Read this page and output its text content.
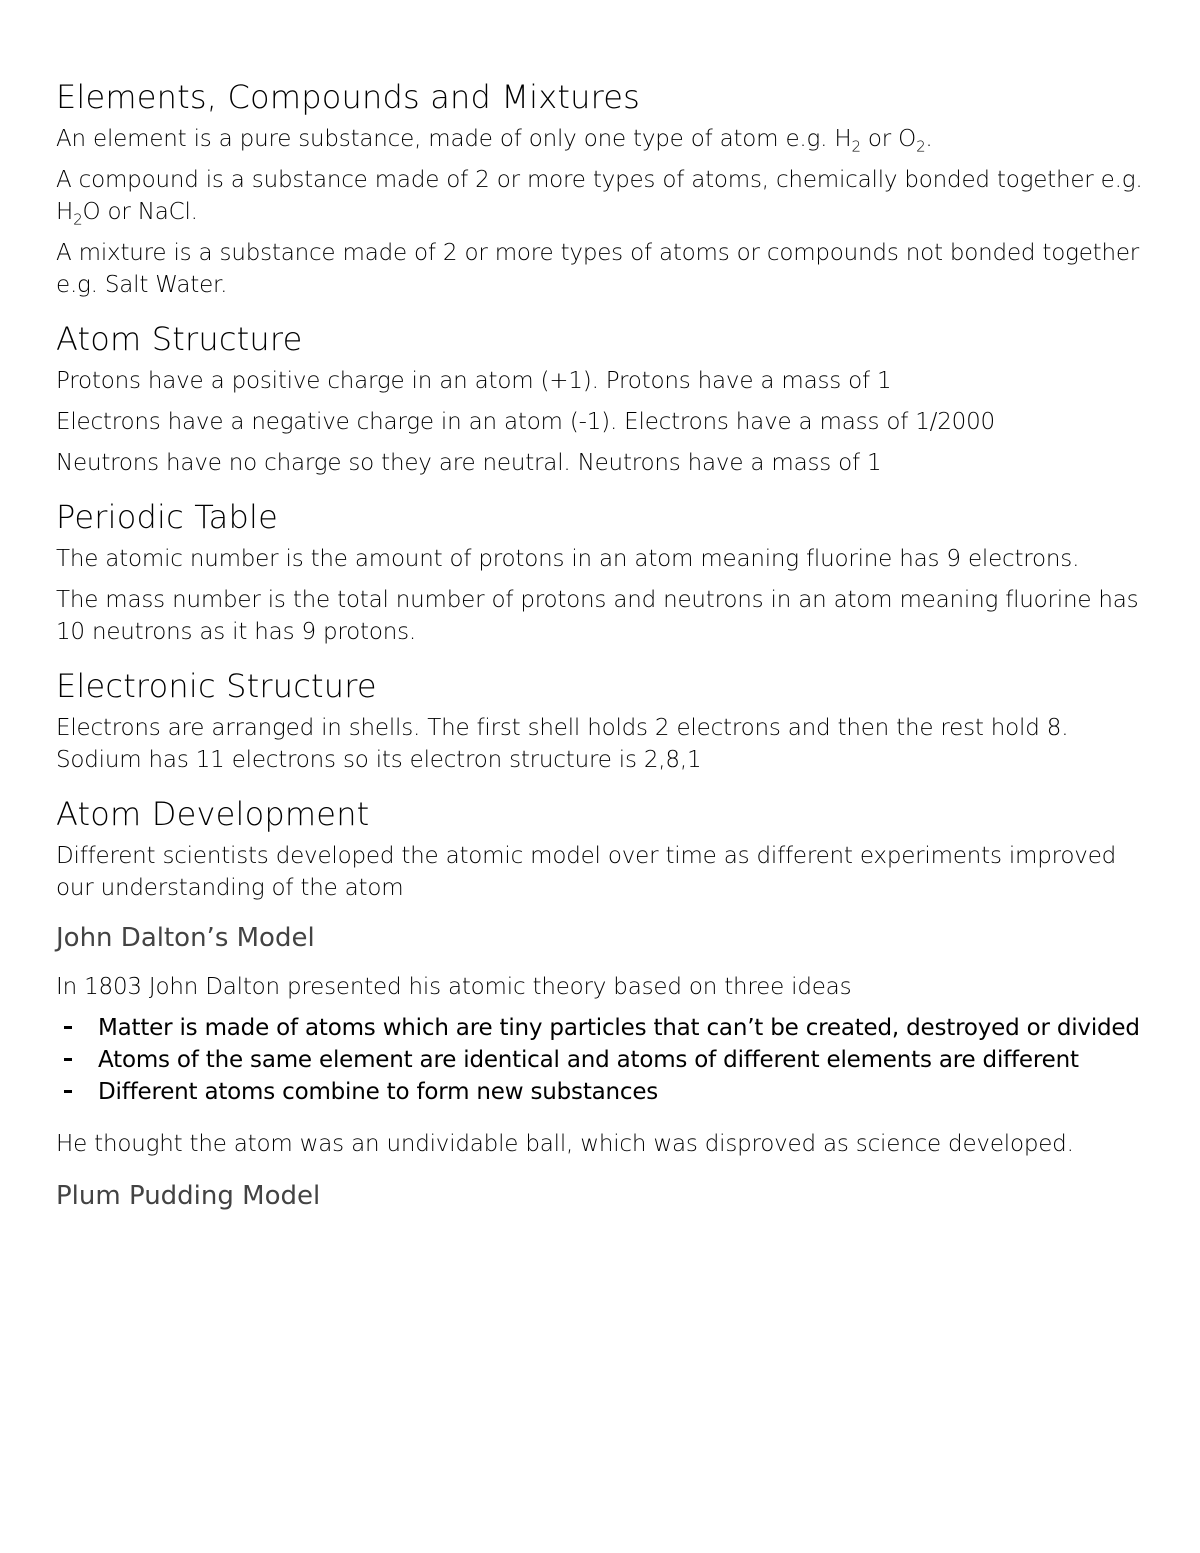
Elements, Compounds and Mixtures

An element is a pure substance, made of only one type of atom e.g. $H_2$ or $O_2$.

A compound is a substance made of 2 or more types of atoms, chemically bonded together e.g. $H_2O$ or NaCl.

A mixture is a substance made of 2 or more types of atoms or compounds not bonded together e.g. Salt Water.

Atom Structure

Protons have a positive charge in an atom (+1). Protons have a mass of 1

Electrons have a negative charge in an atom (-1). Electrons have a mass of 1/2000

Neutrons have no charge so they are neutral. Neutrons have a mass of 1

Periodic Table

The atomic number is the amount of protons in an atom meaning fluorine has 9 electrons.

The mass number is the total number of protons and neutrons in an atom meaning fluorine has 10 neutrons as it has 9 protons.

Electronic Structure

Electrons are arranged in shells. The first shell holds 2 electrons and then the rest hold 8. Sodium has 11 electrons so its electron structure is 2,8,1

Atom Development

Different scientists developed the atomic model over time as different experiments improved our understanding of the atom

John Dalton’s Model

In 1803 John Dalton presented his atomic theory based on three ideas

Matter is made of atoms which are tiny particles that can’t be created, destroyed or divided
Atoms of the same element are identical and atoms of different elements are different
Different atoms combine to form new substances

He thought the atom was an undividable ball, which was disproved as science developed.

Plum Pudding Model
